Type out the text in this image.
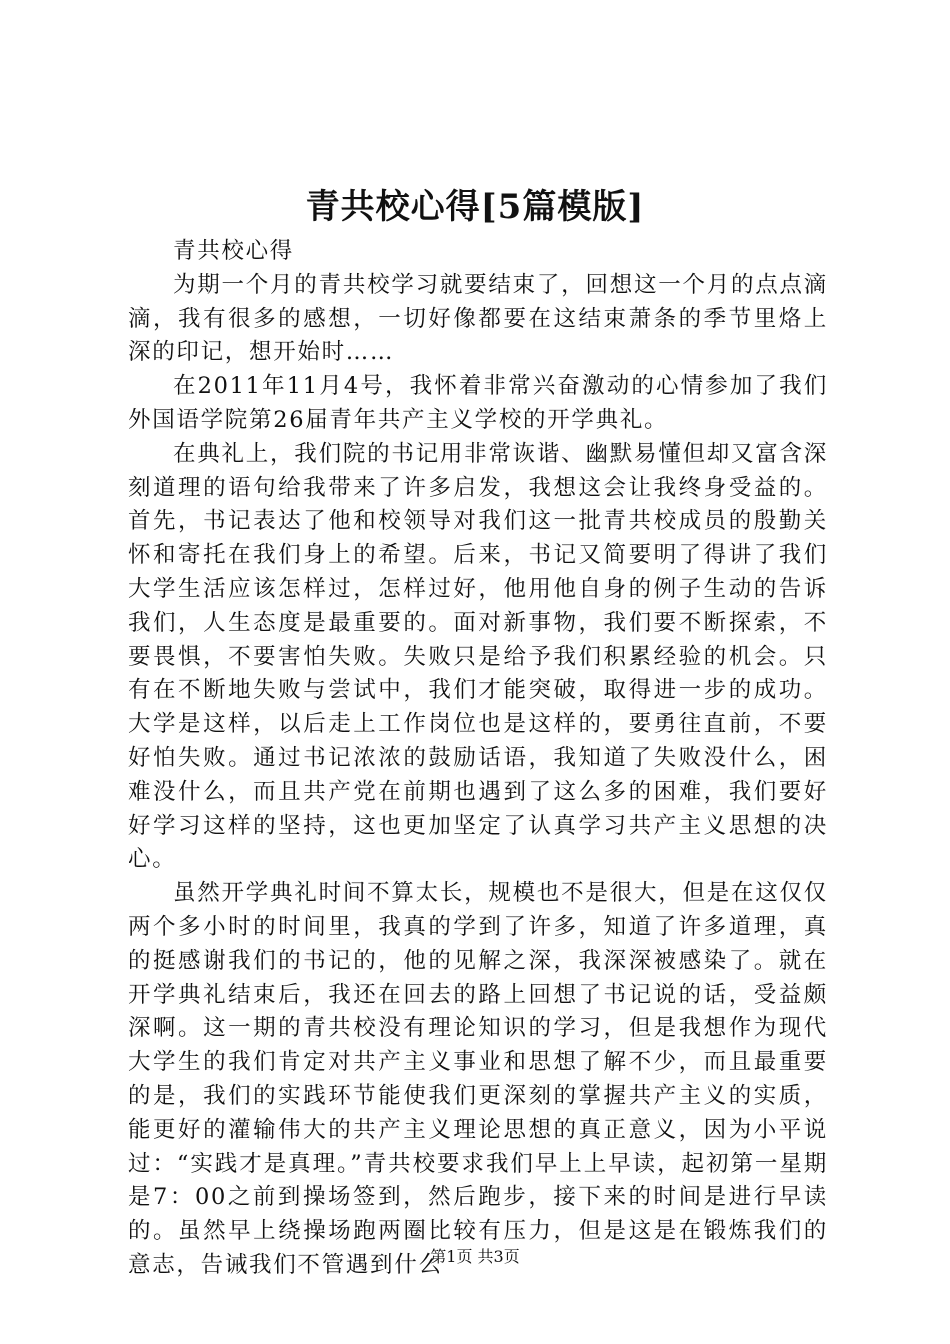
青共校心得[5篇模版]

青共校心得

为期一个月的青共校学习就要结束了，回想这一个月的点点滴滴，我有很多的感想，一切好像都要在这结束萧条的季节里烙上深的印记，想开始时……

在2011年11月4号，我怀着非常兴奋激动的心情参加了我们外国语学院第26届青年共产主义学校的开学典礼。

在典礼上，我们院的书记用非常诙谐、幽默易懂但却又富含深刻道理的语句给我带来了许多启发，我想这会让我终身受益的。首先，书记表达了他和校领导对我们这一批青共校成员的殷勤关怀和寄托在我们身上的希望。后来，书记又简要明了得讲了我们大学生活应该怎样过，怎样过好，他用他自身的例子生动的告诉我们，人生态度是最重要的。面对新事物，我们要不断探索，不要畏惧，不要害怕失败。失败只是给予我们积累经验的机会。只有在不断地失败与尝试中，我们才能突破，取得进一步的成功。大学是这样，以后走上工作岗位也是这样的，要勇往直前，不要好怕失败。通过书记浓浓的鼓励话语，我知道了失败没什么，困难没什么，而且共产党在前期也遇到了这么多的困难，我们要好好学习这样的坚持，这也更加坚定了认真学习共产主义思想的决心。

虽然开学典礼时间不算太长，规模也不是很大，但是在这仅仅两个多小时的时间里，我真的学到了许多，知道了许多道理，真的挺感谢我们的书记的，他的见解之深，我深深被感染了。就在开学典礼结束后，我还在回去的路上回想了书记说的话，受益颇深啊。这一期的青共校没有理论知识的学习，但是我想作为现代大学生的我们肯定对共产主义事业和思想了解不少，而且最重要的是，我们的实践环节能使我们更深刻的掌握共产主义的实质，能更好的灌输伟大的共产主义理论思想的真正意义，因为小平说过：“实践才是真理。”青共校要求我们早上上早读，起初第一星期是7：00之前到操场签到，然后跑步，接下来的时间是进行早读的。虽然早上绕操场跑两圈比较有压力，但是这是在锻炼我们的意志，告诫我们不管遇到什么

第1页 共3页
